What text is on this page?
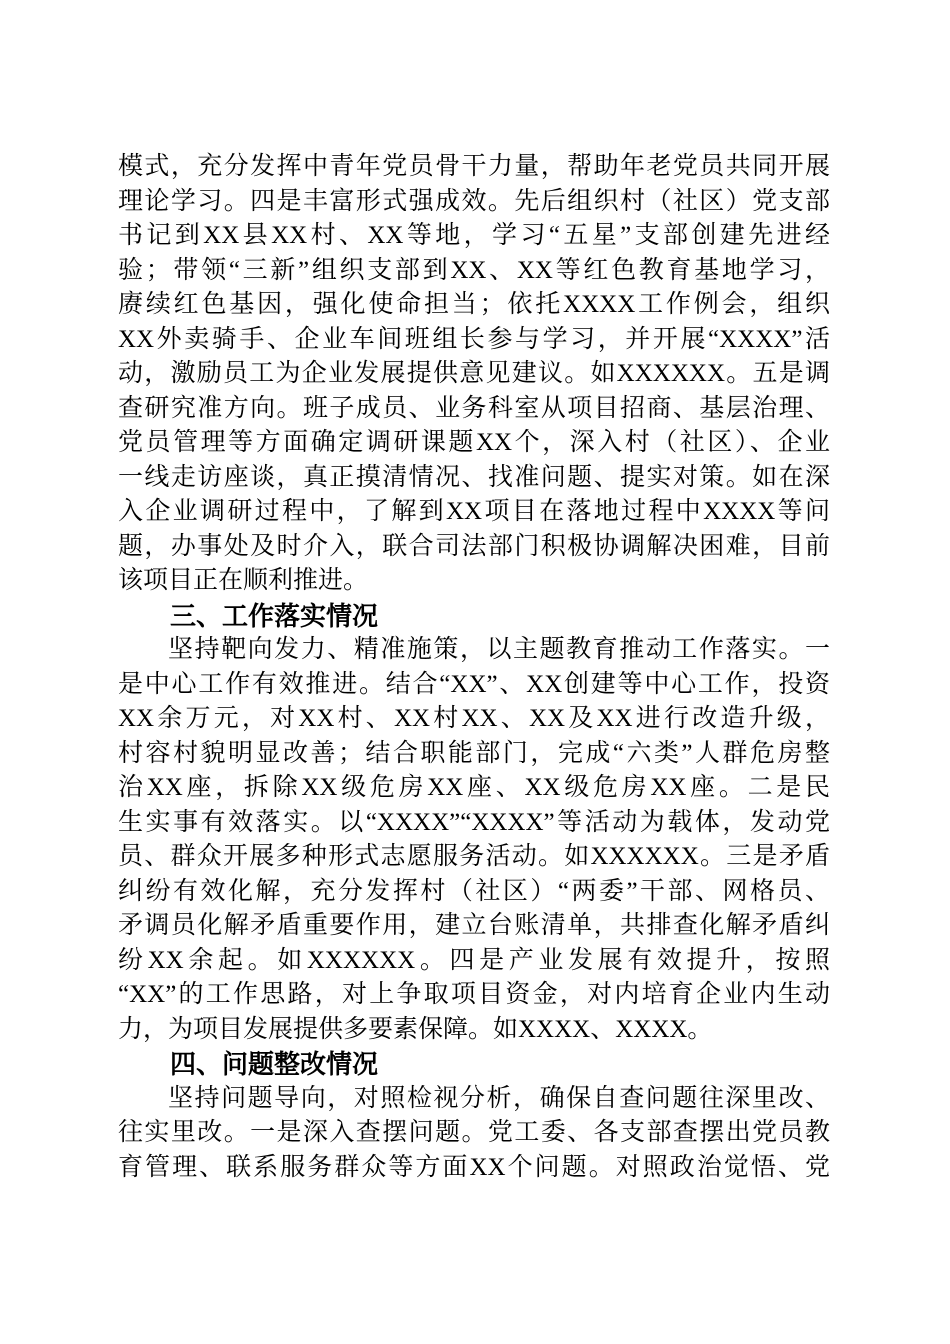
模式，充分发挥中青年党员骨干力量，帮助年老党员共同开展
理论学习。四是丰富形式强成效。先后组织村（社区）党支部
书记到XX县XX村、XX等地，学习“五星”支部创建先进经
验；带领“三新”组织支部到XX、XX等红色教育基地学习，
赓续红色基因，强化使命担当；依托XXXX工作例会，组织
XX外卖骑手、企业车间班组长参与学习，并开展“XXXX”活
动，激励员工为企业发展提供意见建议。如XXXXXX。五是调
查研究准方向。班子成员、业务科室从项目招商、基层治理、
党员管理等方面确定调研课题XX个，深入村（社区）、企业
一线走访座谈，真正摸清情况、找准问题、提实对策。如在深
入企业调研过程中，了解到XX项目在落地过程中XXXX等问
题，办事处及时介入，联合司法部门积极协调解决困难，目前
该项目正在顺利推进。
三、工作落实情况
坚持靶向发力、精准施策，以主题教育推动工作落实。一
是中心工作有效推进。结合“XX”、XX创建等中心工作，投资
XX余万元，对XX村、XX村XX、XX及XX进行改造升级，
村容村貌明显改善；结合职能部门，完成“六类”人群危房整
治XX座，拆除XX级危房XX座、XX级危房XX座。二是民
生实事有效落实。以“XXXX”“XXXX”等活动为载体，发动党
员、群众开展多种形式志愿服务活动。如XXXXXX。三是矛盾
纠纷有效化解，充分发挥村（社区）“两委”干部、网格员、
矛调员化解矛盾重要作用，建立台账清单，共排查化解矛盾纠
纷XX余起。如XXXXXX。四是产业发展有效提升，按照
“XX”的工作思路，对上争取项目资金，对内培育企业内生动
力，为项目发展提供多要素保障。如XXXX、XXXX。
四、问题整改情况
坚持问题导向，对照检视分析，确保自查问题往深里改、
往实里改。一是深入查摆问题。党工委、各支部查摆出党员教
育管理、联系服务群众等方面XX个问题。对照政治觉悟、党
